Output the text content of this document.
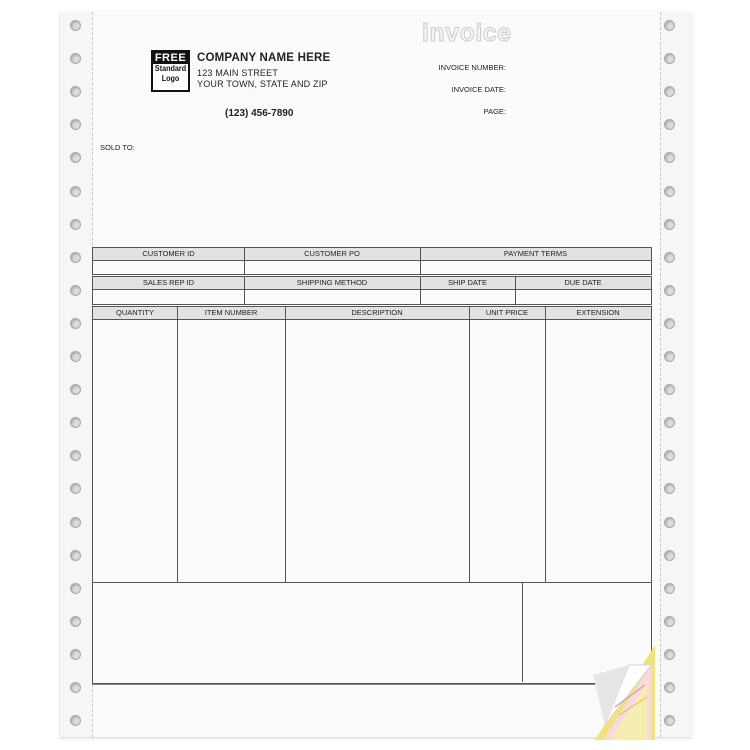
FREE
Standard
Logo
COMPANY NAME HERE
123 MAIN STREET
YOUR TOWN, STATE AND ZIP
(123) 456-7890
invoice
INVOICE NUMBER:
INVOICE DATE:
PAGE:
SOLD TO:
CUSTOMER ID	CUSTOMER PO	PAYMENT TERMS
SALES REP ID	SHIPPING METHOD	SHIP DATE	DUE DATE
QUANTITY	ITEM NUMBER	DESCRIPTION	UNIT PRICE	EXTENSION
